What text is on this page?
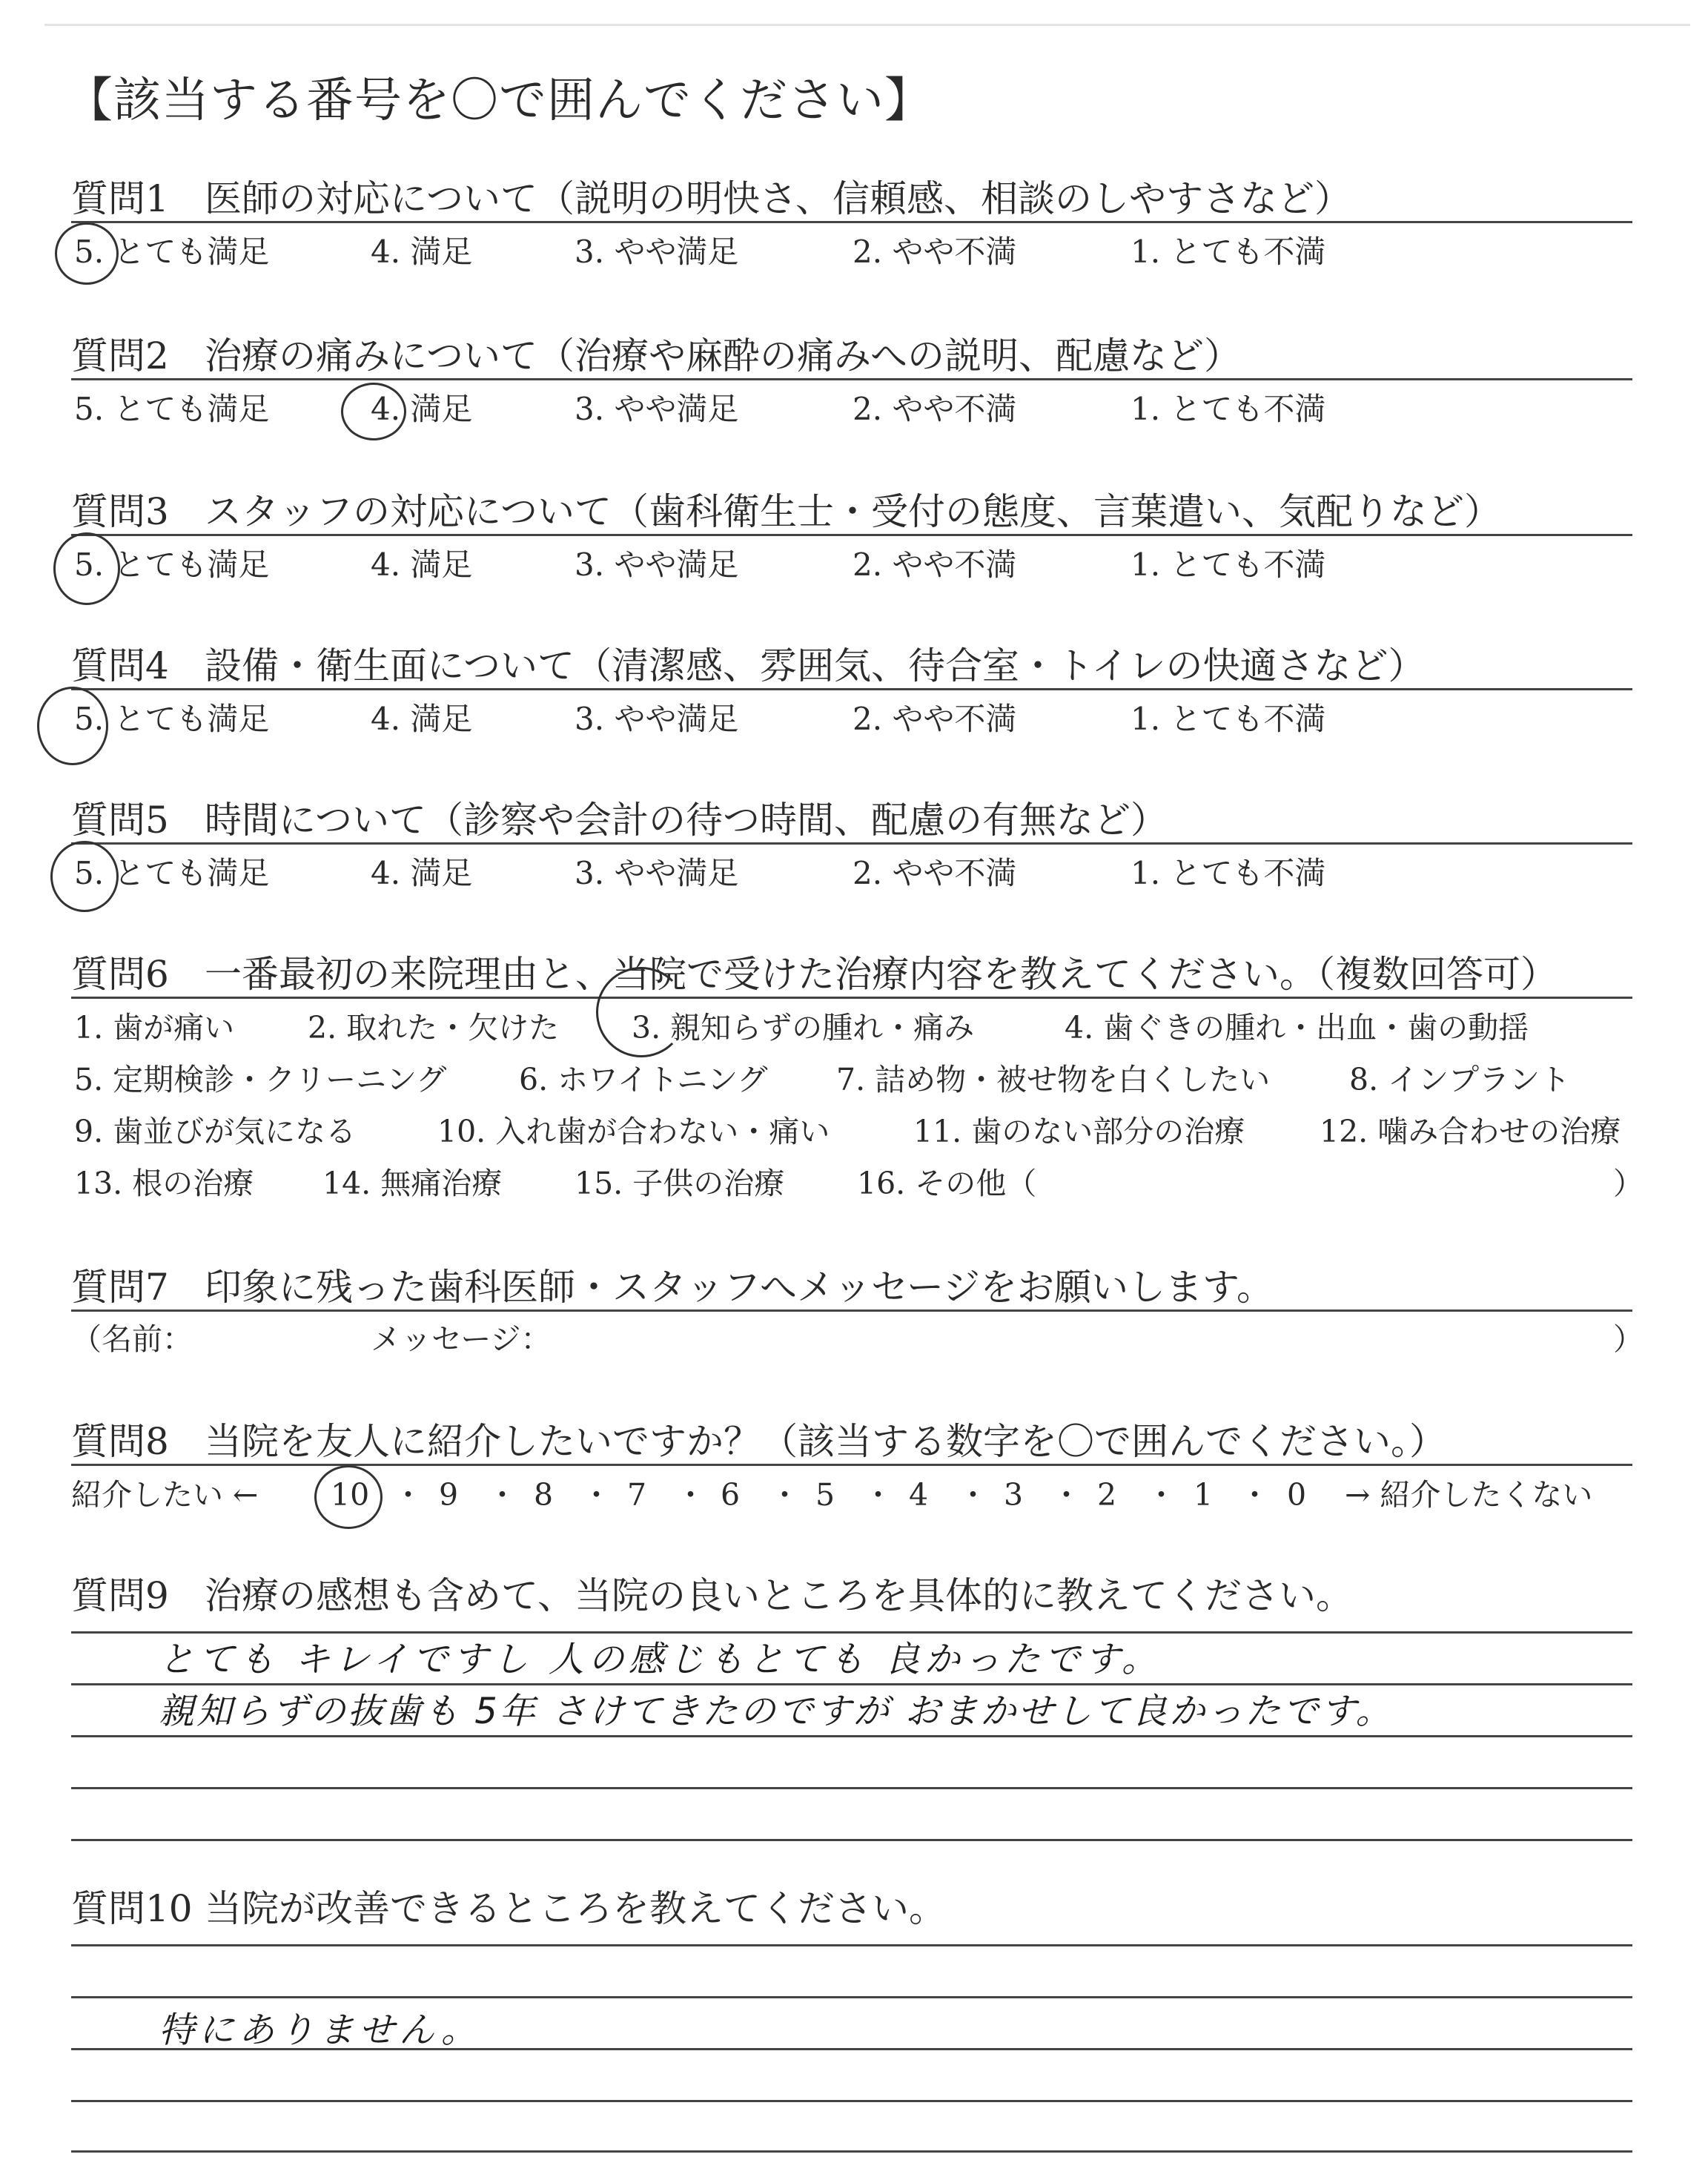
【該当する番号を〇で囲んでください】
質問1 医師の対応について（説明の明快さ、信頼感、相談のしやすさなど）
5. とても満足	4. 満足	3. やや満足	2. やや不満	1. とても不満
質問2 治療の痛みについて（治療や麻酔の痛みへの説明、配慮など）
5. とても満足	4. 満足	3. やや満足	2. やや不満	1. とても不満
質問3 スタッフの対応について（歯科衛生士・受付の態度、言葉遣い、気配りなど）
5. とても満足	4. 満足	3. やや満足	2. やや不満	1. とても不満
質問4 設備・衛生面について（清潔感、雰囲気、待合室・トイレの快適さなど）
5. とても満足	4. 満足	3. やや満足	2. やや不満	1. とても不満
質問5 時間について（診察や会計の待つ時間、配慮の有無など）
5. とても満足	4. 満足	3. やや満足	2. やや不満	1. とても不満
質問6 一番最初の来院理由と、当院で受けた治療内容を教えてください。（複数回答可）
1. 歯が痛い 2. 取れた・欠けた 3. 親知らずの腫れ・痛み	4. 歯ぐきの腫れ・出血・歯の動揺
5. 定期検診・クリーニング 6. ホワイトニング 7. 詰め物・被せ物を白くしたい	8. インプラント
9. 歯並びが気になる	10. 入れ歯が合わない・痛い	11. 歯のない部分の治療 12. 噛み合わせの治療
13. 根の治療 14. 無痛治療 15. 子供の治療 16. その他（	）
質問7 印象に残った歯科医師・スタッフへメッセージをお願いします。
（名前：	メッセージ：	）
質問8 当院を友人に紹介したいですか？（該当する数字を〇で囲んでください。）
紹介したい ← 10 ・ 9 ・ 8 ・ 7 ・ 6 ・ 5 ・ 4 ・ 3 ・ 2 ・ 1 ・ 0 → 紹介したくない
質問9 治療の感想も含めて、当院の良いところを具体的に教えてください。
とても キレイですし 人の感じもとても 良かったです。
親知らずの抜歯も 5年 さけてきたのですが おまかせして良かったです。
質問10 当院が改善できるところを教えてください。
特にありません。
